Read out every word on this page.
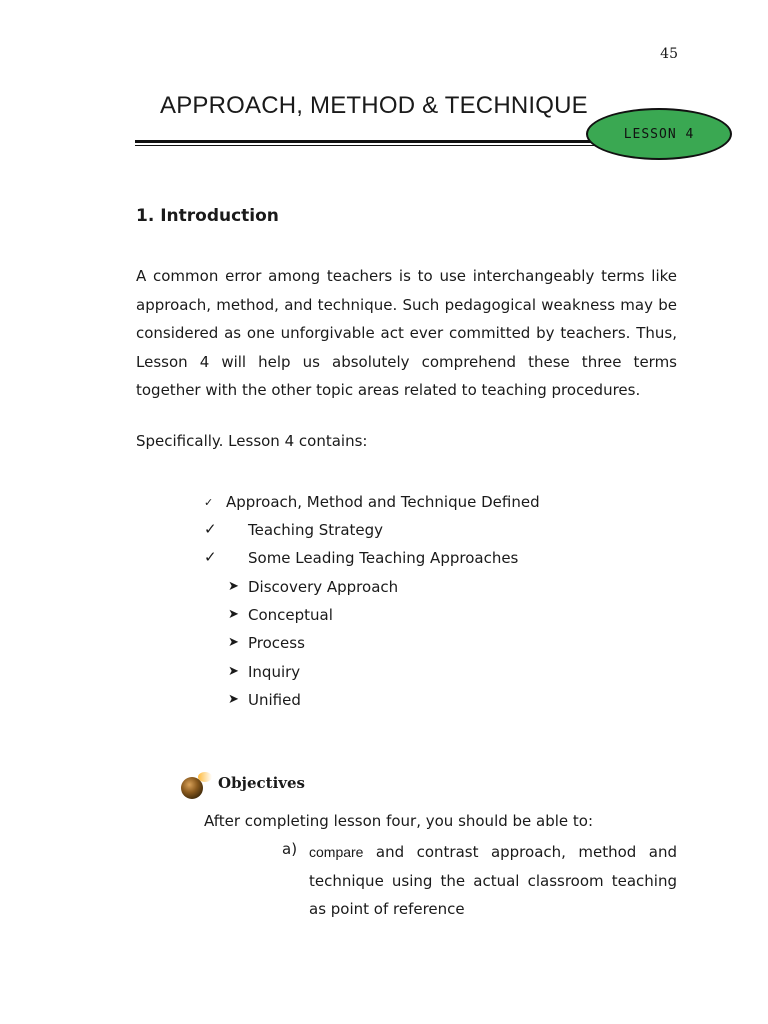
45
APPROACH, METHOD & TECHNIQUE
LESSON 4
1. Introduction

A common error among teachers is to use interchangeably terms like approach, method, and technique. Such pedagogical weakness may be considered as one unforgivable act ever committed by teachers. Thus, Lesson 4 will help us absolutely comprehend these three terms together with the other topic areas related to teaching procedures.

Specifically. Lesson 4 contains:
✓ Approach, Method and Technique Defined
✓ Teaching Strategy
✓ Some Leading Teaching Approaches
➤ Discovery Approach
➤ Conceptual
➤ Process
➤ Inquiry
➤ Unified
Objectives
After completing lesson four, you should be able to:
a) compare and contrast approach, method and technique using the actual classroom teaching as point of reference
